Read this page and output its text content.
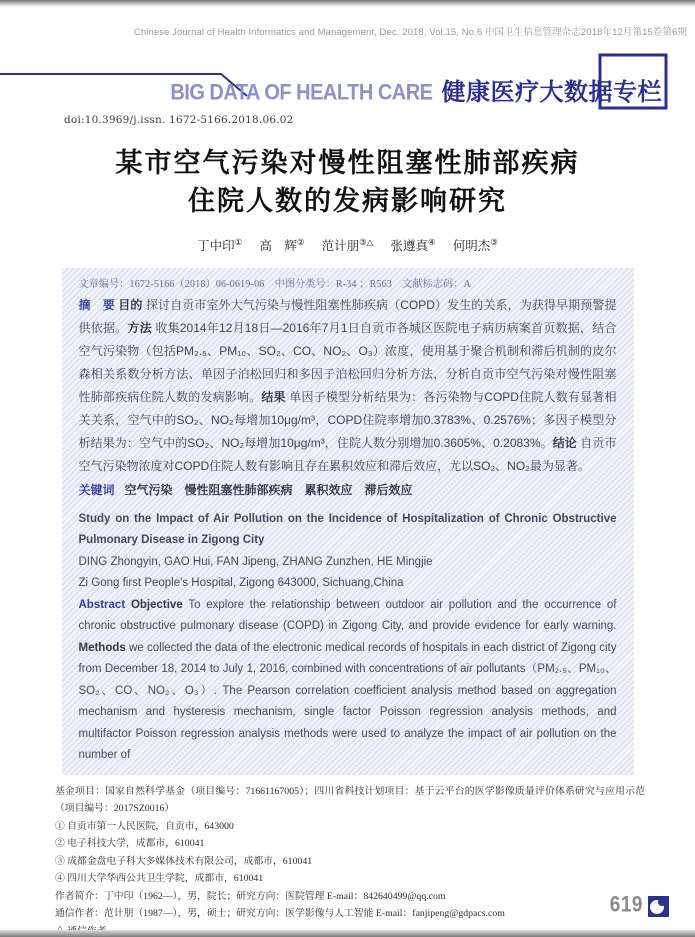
Chinese Journal of Health Informatics and Management, Dec. 2018, Vol.15, No.6 中国卫生信息管理杂志2018年12月第15卷第6期
BIG DATA OF HEALTH CARE 健康医疗大数据专栏
doi:10.3969/j.issn. 1672-5166.2018.06.02
某市空气污染对慢性阻塞性肺部疾病
住院人数的发病影响研究
丁中印① 高　辉② 范计朋③△ 张遵真④ 何明杰③
文章编号：1672-5166（2018）06-0619-06　中图分类号：R-34 ；R563　文献标志码：A
摘　要 目的 探讨自贡市室外大气污染与慢性阻塞性肺疾病（COPD）发生的关系，为获得早期预警提供依据。方法 收集2014年12月18日—2016年7月1日自贡市各城区医院电子病历病案首页数据，结合空气污染物（包括PM₂.₅、PM₁₀、SO₂、CO、NO₂、O₃）浓度，使用基于聚合机制和滞后机制的皮尔森相关系数分析方法、单因子泊松回归和多因子泊松回归分析方法，分析自贡市空气污染对慢性阻塞性肺部疾病住院人数的发病影响。结果 单因子模型分析结果为：各污染物与COPD住院人数有显著相关关系，空气中的SO₂、NO₂每增加10μg/m³，COPD住院率增加0.3783%、0.2576%；多因子模型分析结果为：空气中的SO₂、NO₂每增加10μg/m³，住院人数分别增加0.3605%、0.2083%。结论 自贡市空气污染物浓度对COPD住院人数有影响且存在累积效应和滞后效应，尤以SO₂、NO₂最为显著。
关键词 空气污染　慢性阻塞性肺部疾病　累积效应　滞后效应
Study on the Impact of Air Pollution on the Incidence of Hospitalization of Chronic Obstructive Pulmonary Disease in Zigong City
DING Zhongyin, GAO Hui, FAN Jipeng, ZHANG Zunzhen, HE Mingjie
Zi Gong first People's Hospital, Zigong 643000, Sichuang,China
Abstract Objective To explore the relationship between outdoor air pollution and the occurrence of chronic obstructive pulmonary disease (COPD) in Zigong City, and provide evidence for early warning. Methods we collected the data of the electronic medical records of hospitals in each district of Zigong city from December 18, 2014 to July 1, 2016, combined with concentrations of air pollutants（PM₂.₅、PM₁₀、SO₂、CO、NO₂、O₃）. The Pearson correlation coefficient analysis method based on aggregation mechanism and hysteresis mechanism, single factor Poisson regression analysis methods, and multifactor Poisson regression analysis methods were used to analyze the impact of air pollution on the number of
基金项目：国家自然科学基金（项目编号：71661167005）；四川省科技计划项目：基于云平台的医学影像质量评价体系研究与应用示范（项目编号：2017SZ0016）
① 自贡市第一人民医院，自贡市，643000
② 电子科技大学，成都市，610041
③ 成都金盘电子科大多媒体技术有限公司，成都市，610041
④ 四川大学华西公共卫生学院，成都市，610041
作者简介：丁中印（1962—），男，院长；研究方向：医院管理 E-mail：842640499@qq.com
通信作者：范计朋（1987—），男，硕士；研究方向：医学影像与人工智能 E-mail：fanjipeng@gdpacs.com	619
